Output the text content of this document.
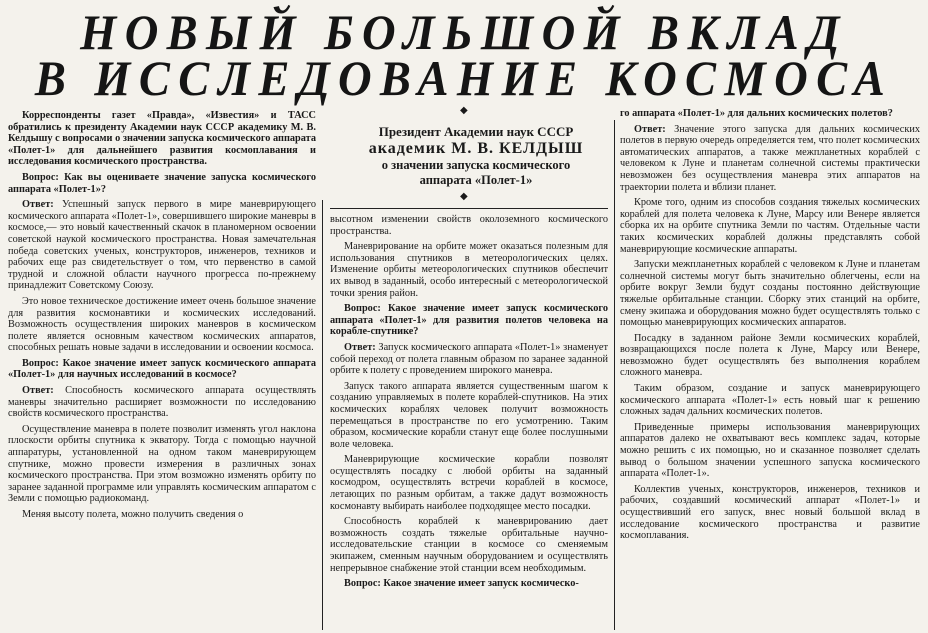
НОВЫЙ БОЛЬШОЙ ВКЛАД
В ИССЛЕДОВАНИЕ КОСМОСА
◆
Президент Академии наук СССР
академик М. В. КЕЛДЫШ
о значении запуска космического
аппарата «Полет-1»
◆

Корреспонденты газет «Правда», «Известия» и ТАСС обратились к президенту Академии наук СССР академику М. В. Келдышу с вопросами о значении запуска космического аппарата «Полет-1» для дальнейшего развития космоплавания и исследования космического пространства.

Вопрос: Как вы оцениваете значение запуска космического аппарата «Полет-1»?

Ответ: Успешный запуск первого в мире маневрирующего космического аппарата «Полет-1», совершившего широкие маневры в космосе,— это новый качественный скачок в планомерном освоении советской наукой космического пространства. Новая замечательная победа советских ученых, конструкторов, инженеров, техников и рабочих еще раз свидетельствует о том, что первенство в самой трудной и сложной области научного прогресса по-прежнему принадлежит Советскому Союзу.

Это новое техническое достижение имеет очень большое значение для развития космонавтики и космических исследований. Возможность осуществления широких маневров в космическом полете является основным качеством космических аппаратов, способных решать новые задачи в исследовании и освоении космоса.

Вопрос: Какое значение имеет запуск космического аппарата «Полет-1» для научных исследований в космосе?

Ответ: Способность космического аппарата осуществлять маневры значительно расширяет возможности по исследованию свойств космического пространства.

Осуществление маневра в полете позволит изменять угол наклона плоскости орбиты спутника к экватору. Тогда с помощью научной аппаратуры, установленной на одном таком маневрирующем спутнике, можно провести измерения в различных зонах космического пространства. При этом возможно изменять орбиту по заранее заданной программе или управлять космическим аппаратом с Земли с помощью радиокоманд.

Меняя высоту полета, можно получить сведения о

высотном изменении свойств околоземного космического пространства.

Маневрирование на орбите может оказаться полезным для использования спутников в метеорологических целях. Изменение орбиты метеорологических спутников обеспечит их вывод в заданный, особо интересный с метеорологической точки зрения район.

Вопрос: Какое значение имеет запуск космического аппарата «Полет-1» для развития полетов человека на корабле-спутнике?

Ответ: Запуск космического аппарата «Полет-1» знаменует собой переход от полета главным образом по заранее заданной орбите к полету с проведением широкого маневра.

Запуск такого аппарата является существенным шагом к созданию управляемых в полете кораблей-спутников. На этих космических кораблях человек получит возможность перемещаться в пространстве по его усмотрению. Таким образом, космические корабли станут еще более послушными воле человека.

Маневрирующие космические корабли позволят осуществлять посадку с любой орбиты на заданный космодром, осуществлять встречи кораблей в космосе, летающих по разным орбитам, а также дадут возможность космонавту выбирать наиболее подходящее место посадки.

Способность кораблей к маневрированию дает возможность создать тяжелые орбитальные научно-исследовательские станции в космосе со сменяемым экипажем, сменным научным оборудованием и осуществлять непрерывное снабжение этой станции всем необходимым.

Вопрос: Какое значение имеет запуск космическо-

го аппарата «Полет-1» для дальних космических полетов?

Ответ: Значение этого запуска для дальних космических полетов в первую очередь определяется тем, что полет космических автоматических аппаратов, а также межпланетных кораблей с человеком к Луне и планетам солнечной системы практически невозможен без осуществления маневра этих аппаратов на траектории полета и вблизи планет.

Кроме того, одним из способов создания тяжелых космических кораблей для полета человека к Луне, Марсу или Венере является сборка их на орбите спутника Земли по частям. Отдельные части таких космических кораблей должны представлять собой маневрирующие космические аппараты.

Запуски межпланетных кораблей с человеком к Луне и планетам солнечной системы могут быть значительно облегчены, если на орбите вокруг Земли будут созданы постоянно действующие тяжелые орбитальные станции. Сборку этих станций на орбите, смену экипажа и оборудования можно будет осуществлять только с помощью маневрирующих космических аппаратов.

Посадку в заданном районе Земли космических кораблей, возвращающихся после полета к Луне, Марсу или Венере, невозможно будет осуществлять без выполнения кораблем сложного маневра.

Таким образом, создание и запуск маневрирующего космического аппарата «Полет-1» есть новый шаг к решению сложных задач дальних космических полетов.

Приведенные примеры использования маневрирующих аппаратов далеко не охватывают весь комплекс задач, которые можно решить с их помощью, но и сказанное позволяет сделать вывод о большом значении успешного запуска космического аппарата «Полет-1».

Коллектив ученых, конструкторов, инженеров, техников и рабочих, создавший космический аппарат «Полет-1» и осуществивший его запуск, внес новый большой вклад в исследование космического пространства и развитие космоплавания.
